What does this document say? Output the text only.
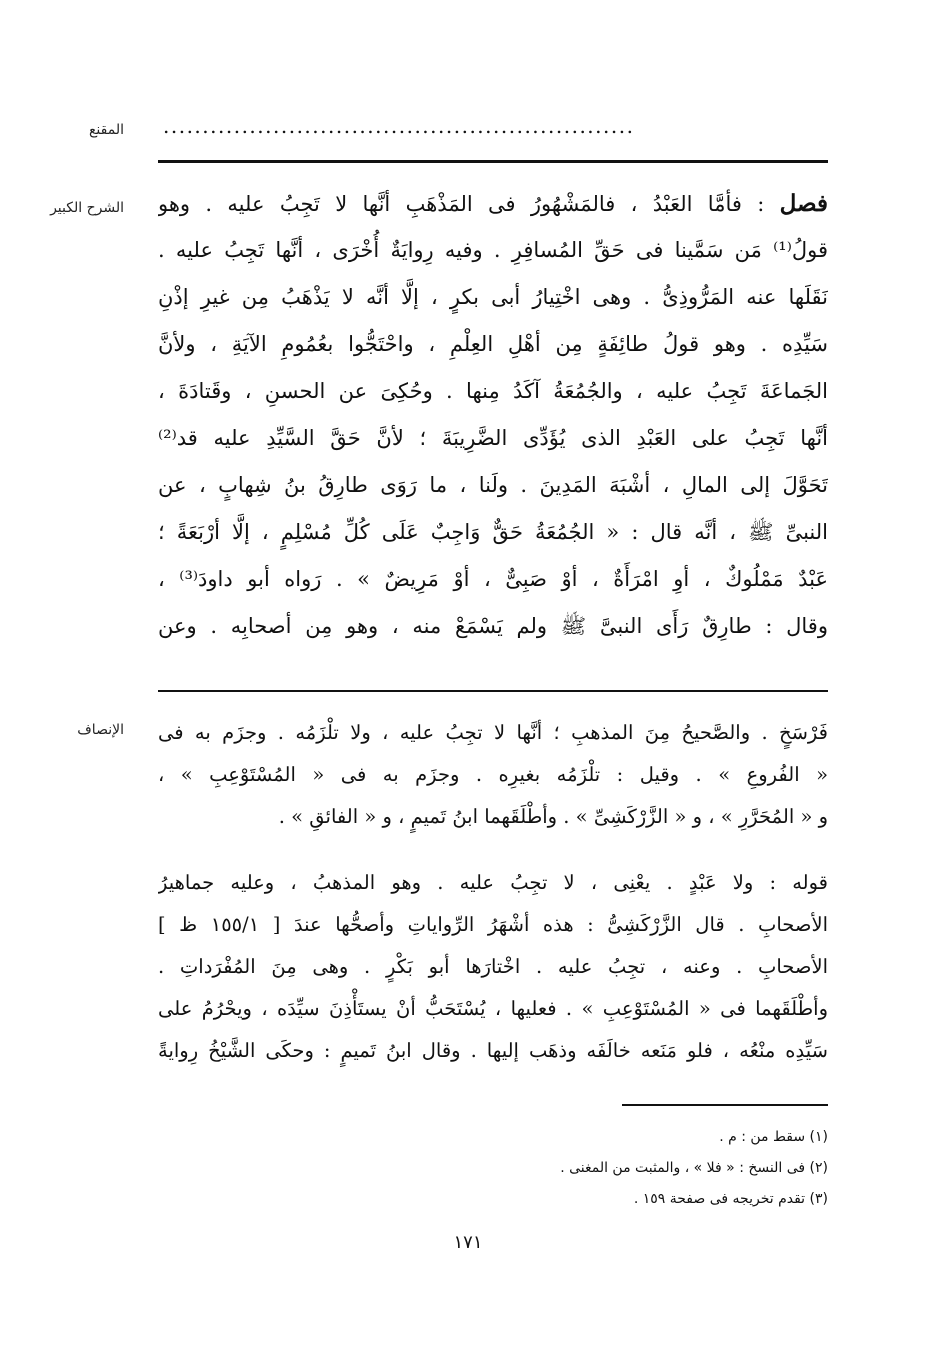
المقنع ............................................................
الشرح الكبير	فصل : فأمَّا العَبْدُ ، فالمَشْهُورُ فى المَذْهَبِ أنَّها لا تَجِبُ عليه . وهو
قولُ⁽¹⁾ مَن سَمَّينا فى حَقِّ المُسافِرِ . وفيه رِوايَةٌ أُخْرَى ، أنَّها تَجِبُ عليه .
نَقَلَها عنه المَرُّوذِىُّ . وهى اخْتِيارُ أبى بكرٍ ، إلَّا أنَّه لا يَذْهَبُ مِن غيرِ إذْنِ
سَيِّدِه . وهو قولُ طائِفَةٍ مِن أهْلِ العِلْمِ ، واحْتَجُّوا بعُمُومِ الآيَةِ ، ولأنَّ
الجَماعَةَ تَجِبُ عليه ، والجُمُعَةُ آكَدُ مِنها . وحُكِىَ عن الحسنِ ، وقَتادَةَ ،
أنَّها تَجِبُ على العَبْدِ الذى يُؤَدِّى الضَّرِيبَةَ ؛ لأنَّ حَقَّ السَّيِّدِ عليه قد⁽²⁾
تَحَوَّلَ إلى المالِ ، أشْبَهَ المَدِينَ . ولَنا ، ما رَوَى طارِقُ بنُ شِهابٍ ، عن
النبىِّ ﷺ ، أنَّه قال : « الجُمُعَةُ حَقٌّ وَاجِبٌ عَلَى كُلِّ مُسْلِمٍ ، إلَّا أرْبَعَةً ؛
عَبْدٌ مَمْلُوكٌ ، أوِ امْرَأَةٌ ، أوْ صَبِىٌّ ، أوْ مَرِيضٌ » . رَواه أبو داودَ⁽³⁾ ،
وقال : طارِقٌ رَأَى النبىَّ ﷺ ولم يَسْمَعْ منه ، وهو مِن أصحابِه . وعن
الإنصاف فَرْسَخٍ . والصَّحيحُ مِنَ المذهبِ ؛ أنَّها لا تجِبُ عليه ، ولا تلْزَمُه . وجزَم به فى
« الفُروعِ » . وقيل : تلْزَمُه بغيرِه . وجزَم به فى « المُسْتَوْعِبِ » ،
و « المُحَرَّرِ » ، و « الزَّرْكَشِىِّ » . وأطْلَقَهما ابنُ تَميمٍ ، و « الفائقِ » .
قوله : ولا عَبْدٍ . يعْنِى ، لا تجِبُ عليه . وهو المذهبُ ، وعليه جماهيرُ
الأصحابِ . قال الزَّرْكَشِىُّ : هذه أشْهَرُ الرِّواياتِ وأصحُّها عندَ [ ١٥٥/١ ظ ]
الأصحابِ . وعنه ، تجِبُ عليه . اخْتارَها أبو بَكْرٍ . وهى مِنَ المُفْرَداتِ .
وأطْلَقَهما فى « المُسْتَوْعِبِ » . فعليها ، يُسْتَحَبُّ أنْ يستَأْذِنَ سيِّدَه ، ويحْرُمُ على
سَيِّدِه منْعُه ، فلو مَنَعه خالَفَه وذهَب إليها . وقال ابنُ تَميمٍ : وحكَى الشَّيْخُ رِوايةً
(١) سقط من : م .
(٢) فى النسخ : « فلا » ، والمثبت من المغنى .
(٣) تقدم تخريجه فى صفحة ١٥٩ .
١٧١
